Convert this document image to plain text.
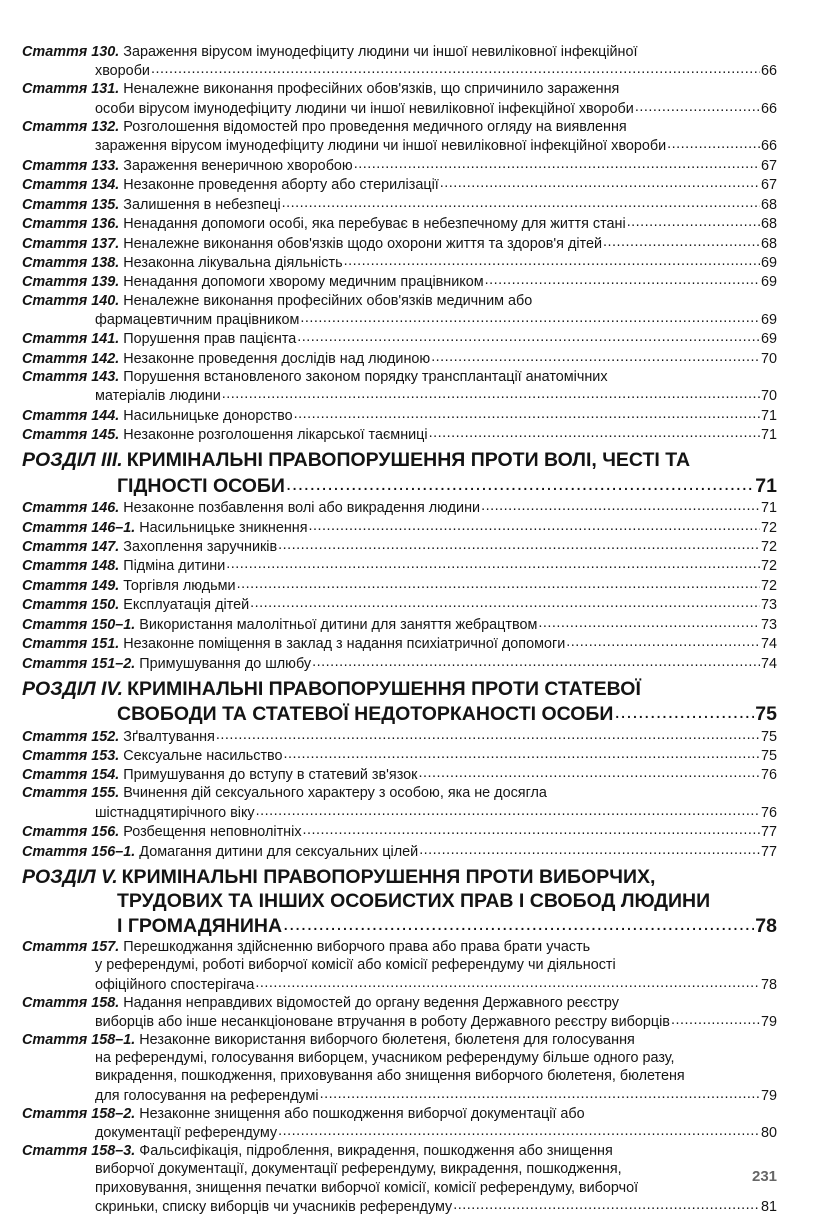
Стаття 130. Зараження вірусом імунодефіциту людини чи іншої невиліковної інфекційної
хвороби .....	66
Стаття 131. Неналежне виконання професійних обов'язків, що спричинило зараження
особи вірусом імунодефіциту людини чи іншої невиліковної інфекційної хвороби .....	66
Стаття 132. Розголошення відомостей про проведення медичного огляду на виявлення
зараження вірусом імунодефіциту людини чи іншої невиліковної інфекційної хвороби .....	66
Стаття 133. Зараження венеричною хворобою .....	67
Стаття 134. Незаконне проведення аборту або стерилізації .....	67
Стаття 135. Залишення в небезпеці .....	68
Стаття 136. Ненадання допомоги особі, яка перебуває в небезпечному для життя стані .....	68
Стаття 137. Неналежне виконання обов'язків щодо охорони життя та здоров'я дітей .....	68
Стаття 138. Незаконна лікувальна діяльність .....	69
Стаття 139. Ненадання допомоги хворому медичним працівником .....	69
Стаття 140. Неналежне виконання професійних обов'язків медичним або
фармацевтичним працівником .....	69
Стаття 141. Порушення прав пацієнта .....	69
Стаття 142. Незаконне проведення дослідів над людиною .....	70
Стаття 143. Порушення встановленого законом порядку трансплантації анатомічних
матеріалів людини .....	70
Стаття 144. Насильницьке донорство .....	71
Стаття 145. Незаконне розголошення лікарської таємниці .....	71
РОЗДІЛ III. КРИМІНАЛЬНІ ПРАВОПОРУШЕННЯ ПРОТИ ВОЛІ, ЧЕСТІ ТА
ГІДНОСТІ ОСОБИ .....	71
Стаття 146. Незаконне позбавлення волі або викрадення людини .....	71
Стаття 146–1. Насильницьке зникнення .....	72
Стаття 147. Захоплення заручників .....	72
Стаття 148. Підміна дитини .....	72
Стаття 149. Торгівля людьми .....	72
Стаття 150. Експлуатація дітей .....	73
Стаття 150–1. Використання малолітньої дитини для заняття жебрацтвом .....	73
Стаття 151. Незаконне поміщення в заклад з надання психіатричної допомоги .....	74
Стаття 151–2. Примушування до шлюбу .....	74
РОЗДІЛ IV. КРИМІНАЛЬНІ ПРАВОПОРУШЕННЯ ПРОТИ СТАТЕВОЇ
СВОБОДИ ТА СТАТЕВОЇ НЕДОТОРКАНОСТІ ОСОБИ .....	75
Стаття 152. Зґвалтування .....	75
Стаття 153. Сексуальне насильство .....	75
Стаття 154. Примушування до вступу в статевий зв'язок .....	76
Стаття 155. Вчинення дій сексуального характеру з особою, яка не досягла
шістнадцятирічного віку .....	76
Стаття 156. Розбещення неповнолітніх .....	77
Стаття 156–1. Домагання дитини для сексуальних цілей .....	77
РОЗДІЛ V. КРИМІНАЛЬНІ ПРАВОПОРУШЕННЯ ПРОТИ ВИБОРЧИХ,
ТРУДОВИХ ТА ІНШИХ ОСОБИСТИХ ПРАВ І СВОБОД ЛЮДИНИ
І ГРОМАДЯНИНА .....	78
Стаття 157. Перешкоджання здійсненню виборчого права або права брати участь
у референдумі, роботі виборчої комісії або комісії референдуму чи діяльності
офіційного спостерігача .....	78
Стаття 158. Надання неправдивих відомостей до органу ведення Державного реєстру
виборців або інше несанкціоноване втручання в роботу Державного реєстру виборців .....	79
Стаття 158–1. Незаконне використання виборчого бюлетеня, бюлетеня для голосування
на референдумі, голосування виборцем, учасником референдуму більше одного разу,
викрадення, пошкодження, приховування або знищення виборчого бюлетеня, бюлетеня
для голосування на референдумі .....	79
Стаття 158–2. Незаконне знищення або пошкодження виборчої документації або
документації референдуму .....	80
Стаття 158–3. Фальсифікація, підроблення, викрадення, пошкодження або знищення
виборчої документації, документації референдуму, викрадення, пошкодження,
приховування, знищення печатки виборчої комісії, комісії референдуму, виборчої
скриньки, списку виборців чи учасників референдуму .....	81
231
